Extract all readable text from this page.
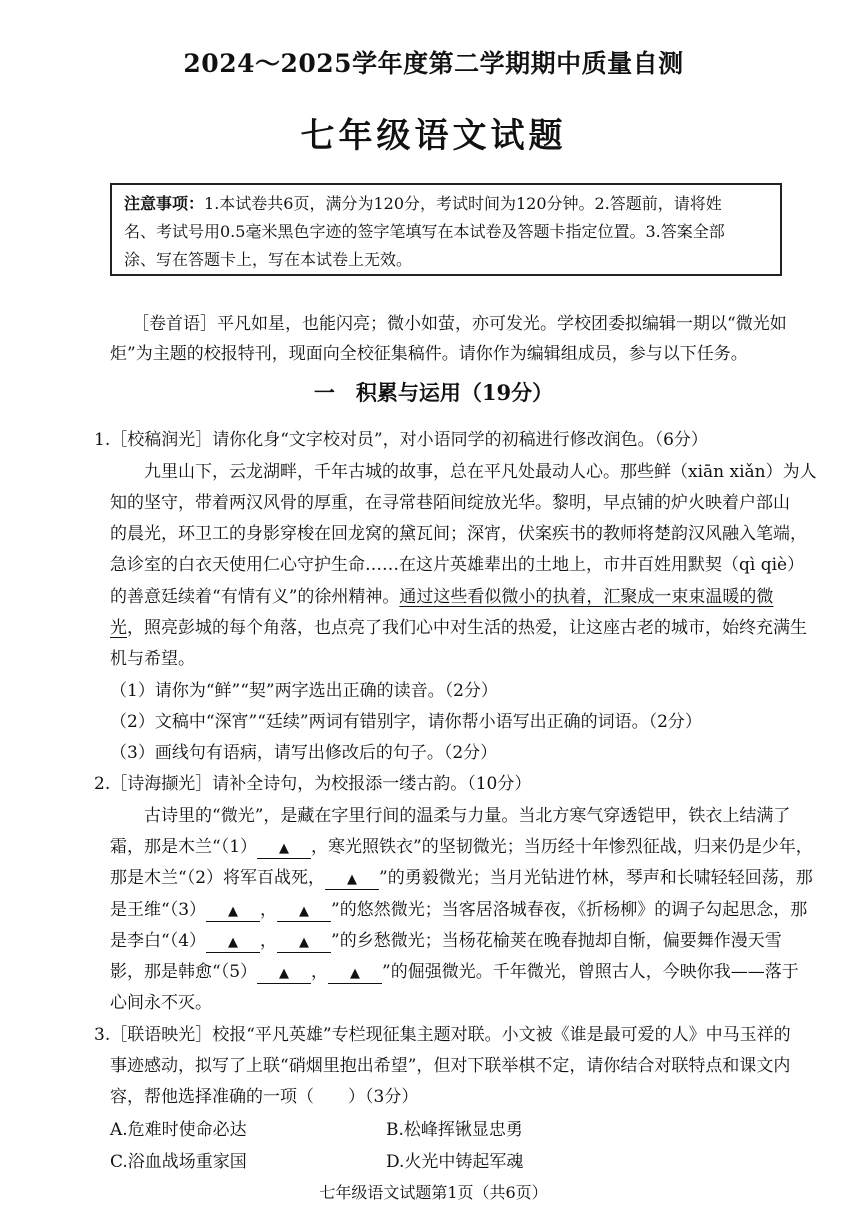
2024～2025学年度第二学期期中质量自测
七年级语文试题
注意事项：1.本试卷共6页，满分为120分，考试时间为120分钟。2.答题前，请将姓
名、考试号用0.5毫米黑色字迹的签字笔填写在本试卷及答题卡指定位置。3.答案全部
涂、写在答题卡上，写在本试卷上无效。
［卷首语］平凡如星，也能闪亮；微小如萤，亦可发光。学校团委拟编辑一期以“微光如
炬”为主题的校报特刊，现面向全校征集稿件。请你作为编辑组成员，参与以下任务。
一　积累与运用（19分）
1.［校稿润光］请你化身“文字校对员”，对小语同学的初稿进行修改润色。（6分）
九里山下，云龙湖畔，千年古城的故事，总在平凡处最动人心。那些鲜（xiān xiǎn）为人
知的坚守，带着两汉风骨的厚重，在寻常巷陌间绽放光华。黎明，早点铺的炉火映着户部山
的晨光，环卫工的身影穿梭在回龙窝的黛瓦间；深宵，伏案疾书的教师将楚韵汉风融入笔端，
急诊室的白衣天使用仁心守护生命……在这片英雄辈出的土地上，市井百姓用默契（qì qiè）
的善意廷续着“有情有义”的徐州精神。通过这些看似微小的执着，汇聚成一束束温暖的微
光，照亮彭城的每个角落，也点亮了我们心中对生活的热爱，让这座古老的城市，始终充满生
机与希望。
（1）请你为“鲜”“契”两字选出正确的读音。（2分）
（2）文稿中“深宵”“廷续”两词有错别字，请你帮小语写出正确的词语。（2分）
（3）画线句有语病，请写出修改后的句子。（2分）
2.［诗海撷光］请补全诗句，为校报添一缕古韵。（10分）
古诗里的“微光”，是藏在字里行间的温柔与力量。当北方寒气穿透铠甲，铁衣上结满了
霜，那是木兰“（1） ▲ ，寒光照铁衣”的坚韧微光；当历经十年惨烈征战，归来仍是少年，
那是木兰“（2）将军百战死， ▲ ”的勇毅微光；当月光钻进竹林，琴声和长啸轻轻回荡，那
是王维“（3） ▲ ， ▲ ”的悠然微光；当客居洛城春夜，《折杨柳》的调子勾起思念，那
是李白“（4） ▲ ， ▲ ”的乡愁微光；当杨花榆荚在晚春抛却自惭，偏要舞作漫天雪
影，那是韩愈“（5） ▲ ， ▲ ”的倔强微光。千年微光，曾照古人，今映你我——落于
心间永不灭。
3.［联语映光］校报“平凡英雄”专栏现征集主题对联。小文被《谁是最可爱的人》中马玉祥的
事迹感动，拟写了上联“硝烟里抱出希望”，但对下联举棋不定，请你结合对联特点和课文内
容，帮他选择准确的一项（　　）（3分）
A.危难时使命必达	B.松峰挥锹显忠勇
C.浴血战场重家国	D.火光中铸起军魂
七年级语文试题第1页（共6页）
